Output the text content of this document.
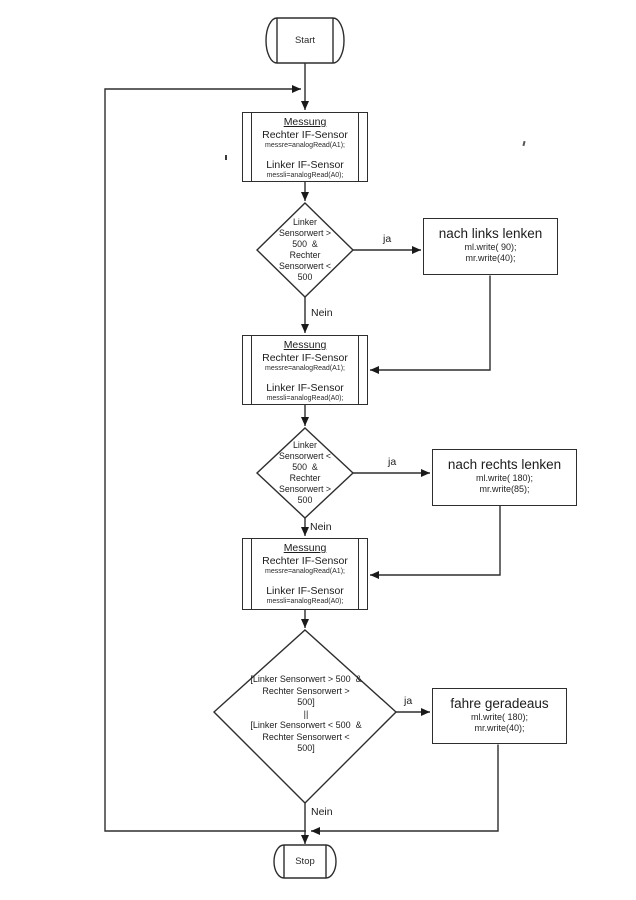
Start
Stop
Messung
Rechter IF-Sensor
messre=analogRead(A1);
Linker IF-Sensor
messli=analogRead(A0);
Messung
Rechter IF-Sensor
messre=analogRead(A1);
Linker IF-Sensor
messli=analogRead(A0);
Messung
Rechter IF-Sensor
messre=analogRead(A1);
Linker IF-Sensor
messli=analogRead(A0);
Linker
Sensorwert >
500  &
Rechter
Sensorwert <
500
Linker
Sensorwert <
500  &
Rechter
Sensorwert >
500
[Linker Sensorwert > 500  &
Rechter Sensorwert >
500]
||
[Linker Sensorwert < 500  &
Rechter Sensorwert <
500]
nach links lenken
ml.write( 90);
mr.write(40);
nach rechts lenken
ml.write( 180);
mr.write(85);
fahre geradeaus
ml.write( 180);
mr.write(40);
ja
Nein
ja
Nein
ja
Nein
